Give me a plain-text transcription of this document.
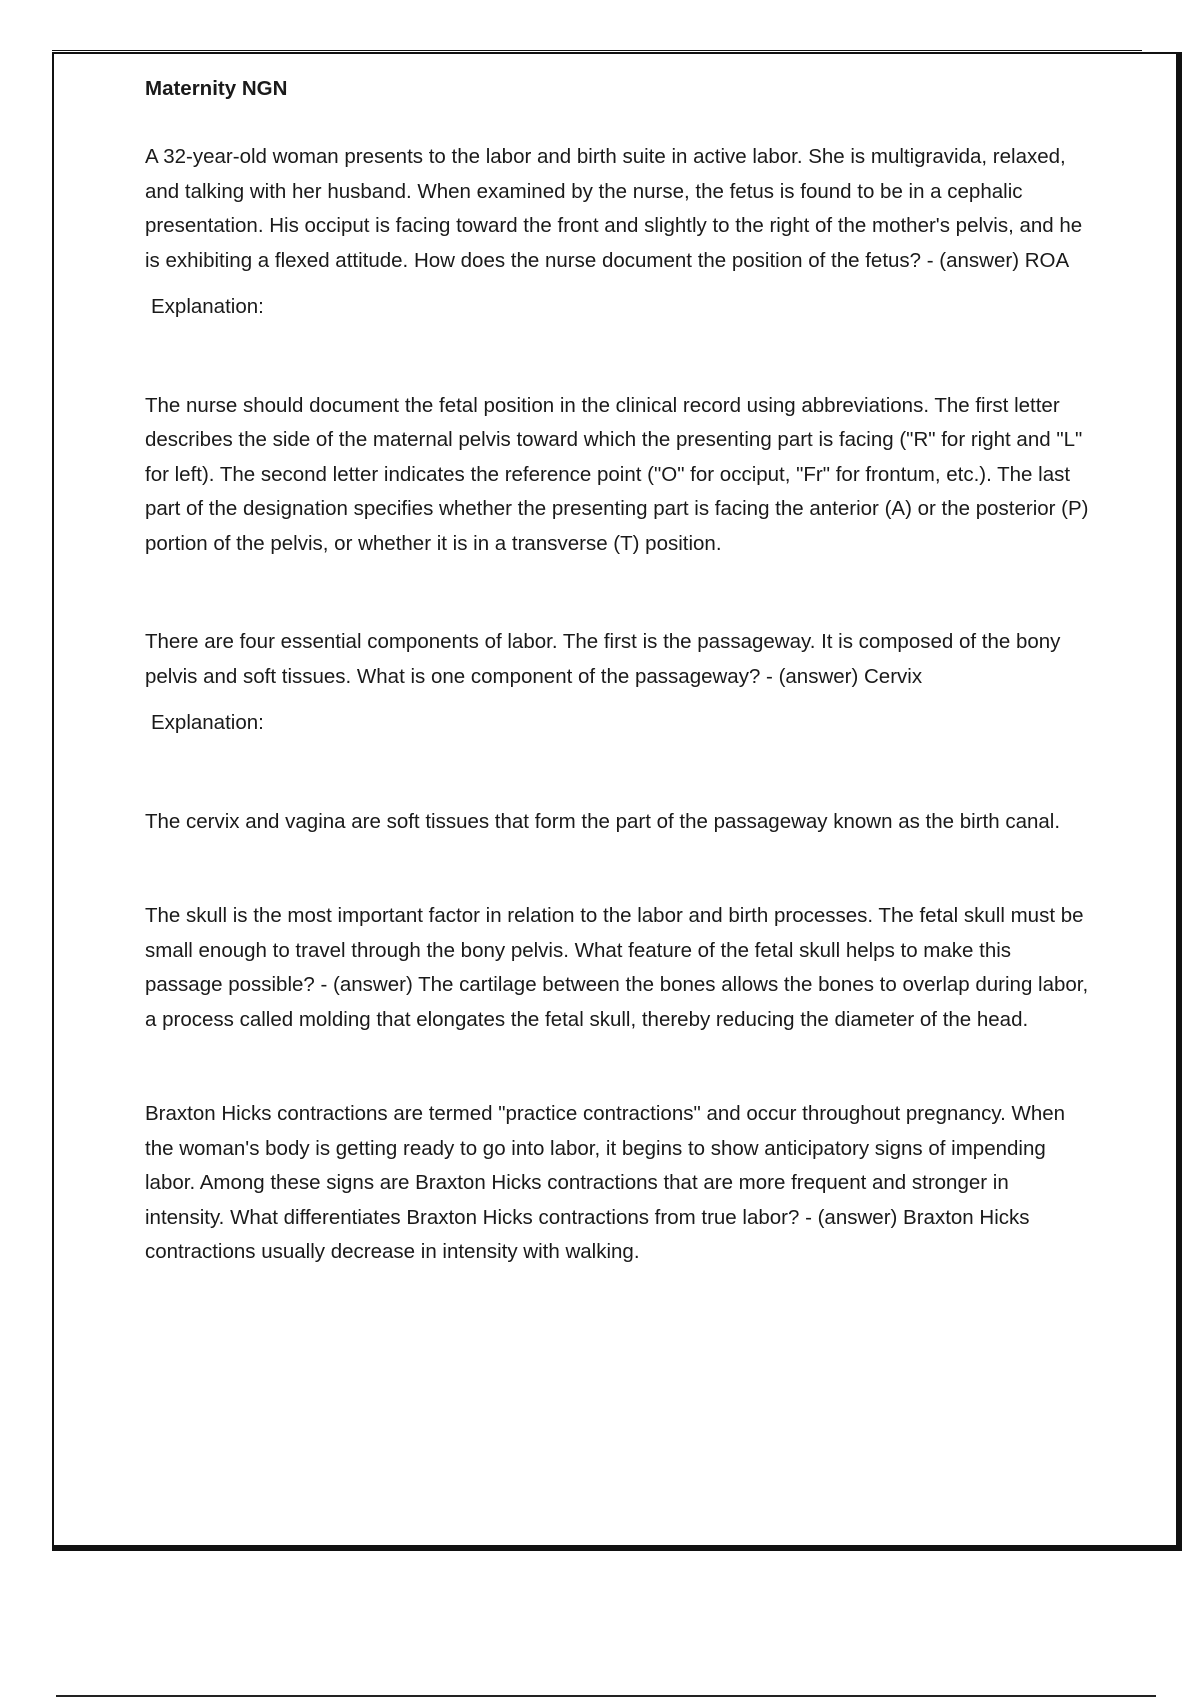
Maternity NGN

A 32-year-old woman presents to the labor and birth suite in active labor. She is multigravida, relaxed, and talking with her husband. When examined by the nurse, the fetus is found to be in a cephalic presentation. His occiput is facing toward the front and slightly to the right of the mother's pelvis, and he is exhibiting a flexed attitude. How does the nurse document the position of the fetus? - (answer) ROA

Explanation:

The nurse should document the fetal position in the clinical record using abbreviations. The first letter describes the side of the maternal pelvis toward which the presenting part is facing ("R" for right and "L" for left). The second letter indicates the reference point ("O" for occiput, "Fr" for frontum, etc.). The last part of the designation specifies whether the presenting part is facing the anterior (A) or the posterior (P) portion of the pelvis, or whether it is in a transverse (T) position.

There are four essential components of labor. The first is the passageway. It is composed of the bony pelvis and soft tissues. What is one component of the passageway? - (answer) Cervix

Explanation:

The cervix and vagina are soft tissues that form the part of the passageway known as the birth canal.

The skull is the most important factor in relation to the labor and birth processes. The fetal skull must be small enough to travel through the bony pelvis. What feature of the fetal skull helps to make this passage possible? - (answer) The cartilage between the bones allows the bones to overlap during labor, a process called molding that elongates the fetal skull, thereby reducing the diameter of the head.

Braxton Hicks contractions are termed "practice contractions" and occur throughout pregnancy. When the woman's body is getting ready to go into labor, it begins to show anticipatory signs of impending labor. Among these signs are Braxton Hicks contractions that are more frequent and stronger in intensity. What differentiates Braxton Hicks contractions from true labor? - (answer) Braxton Hicks contractions usually decrease in intensity with walking.
